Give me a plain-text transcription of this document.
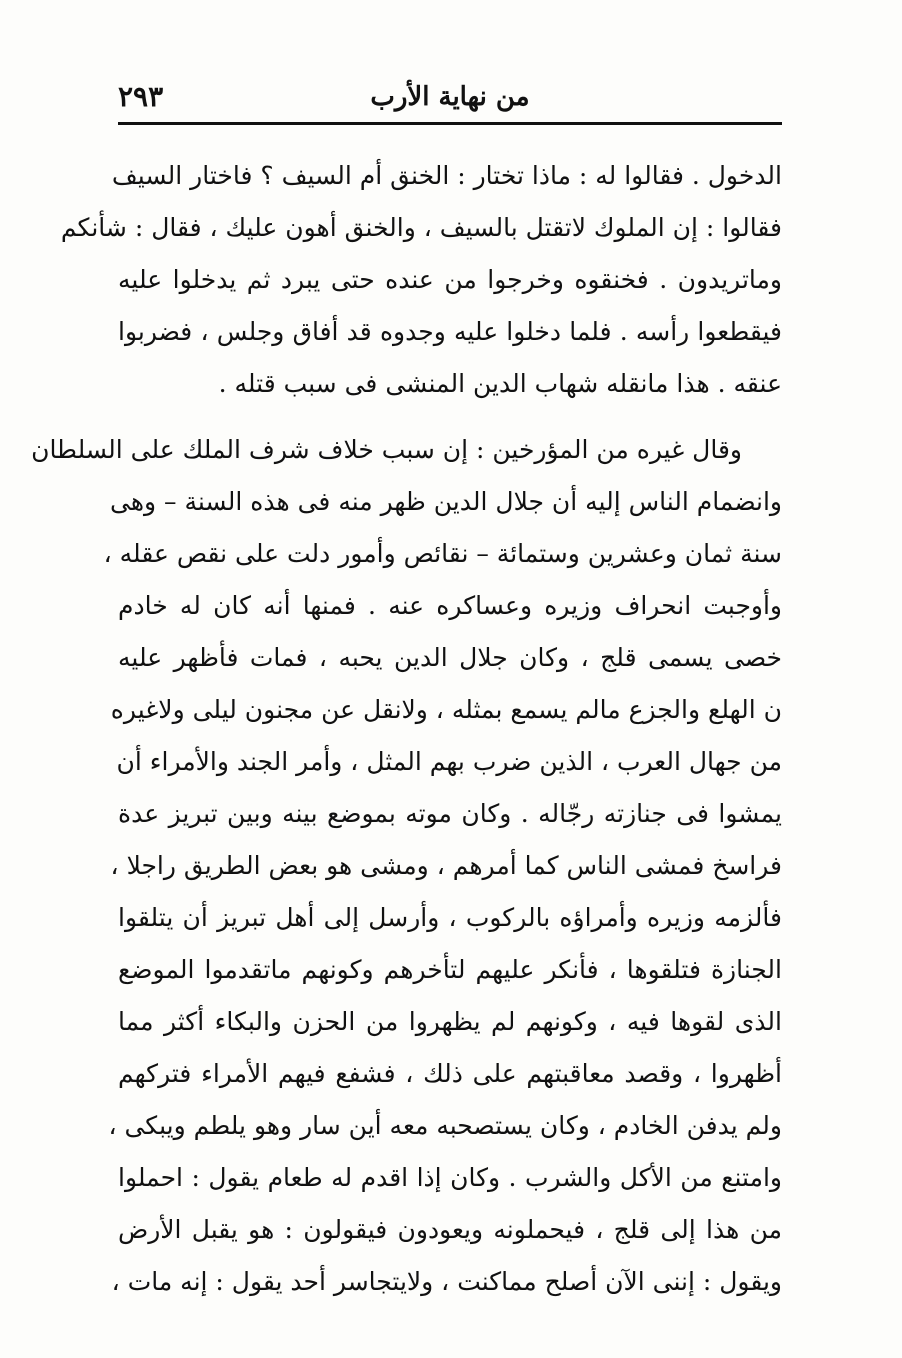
من نهاية الأرب
٢٩٣
الدخول . فقالوا له : ماذا تختار : الخنق أم السيف ؟ فاختار السيف
فقالوا : إن الملوك لاتقتل بالسيف ، والخنق أهون عليك ، فقال : شأنكم
وماتريدون . فخنقوه وخرجوا من عنده حتى يبرد ثم يدخلوا عليه
فيقطعوا رأسه . فلما دخلوا عليه وجدوه قد أفاق وجلس ، فضربوا
عنقه . هذا مانقله شهاب الدين المنشى فى سبب قتله .
وقال غيره من المؤرخين : إن سبب خلاف شرف الملك على السلطان
وانضمام الناس إليه أن جلال الدين ظهر منه فى هذه السنة – وهى
سنة ثمان وعشرين وستمائة – نقائص وأمور دلت على نقص عقله ،
وأوجبت انحراف وزيره وعساكره عنه . فمنها أنه كان له خادم
خصى يسمى قلج ، وكان جلال الدين يحبه ، فمات فأظهر عليه
ن الهلع والجزع مالم يسمع بمثله ، ولانقل عن مجنون ليلى ولاغيره
من جهال العرب ، الذين ضرب بهم المثل ، وأمر الجند والأمراء أن
يمشوا فى جنازته رجّاله . وكان موته بموضع بينه وبين تبريز عدة
فراسخ فمشى الناس كما أمرهم ، ومشى هو بعض الطريق راجلا ،
فألزمه وزيره وأمراؤه بالركوب ، وأرسل إلى أهل تبريز أن يتلقوا
الجنازة فتلقوها ، فأنكر عليهم لتأخرهم وكونهم ماتقدموا الموضع
الذى لقوها فيه ، وكونهم لم يظهروا من الحزن والبكاء أكثر مما
أظهروا ، وقصد معاقبتهم على ذلك ، فشفع فيهم الأمراء فتركهم
ولم يدفن الخادم ، وكان يستصحبه معه أين سار وهو يلطم ويبكى ،
وامتنع من الأكل والشرب . وكان إذا اقدم له طعام يقول : احملوا
من هذا إلى قلج ، فيحملونه ويعودون فيقولون : هو يقبل الأرض
ويقول : إننى الآن أصلح مماكنت ، ولايتجاسر أحد يقول : إنه مات ،
